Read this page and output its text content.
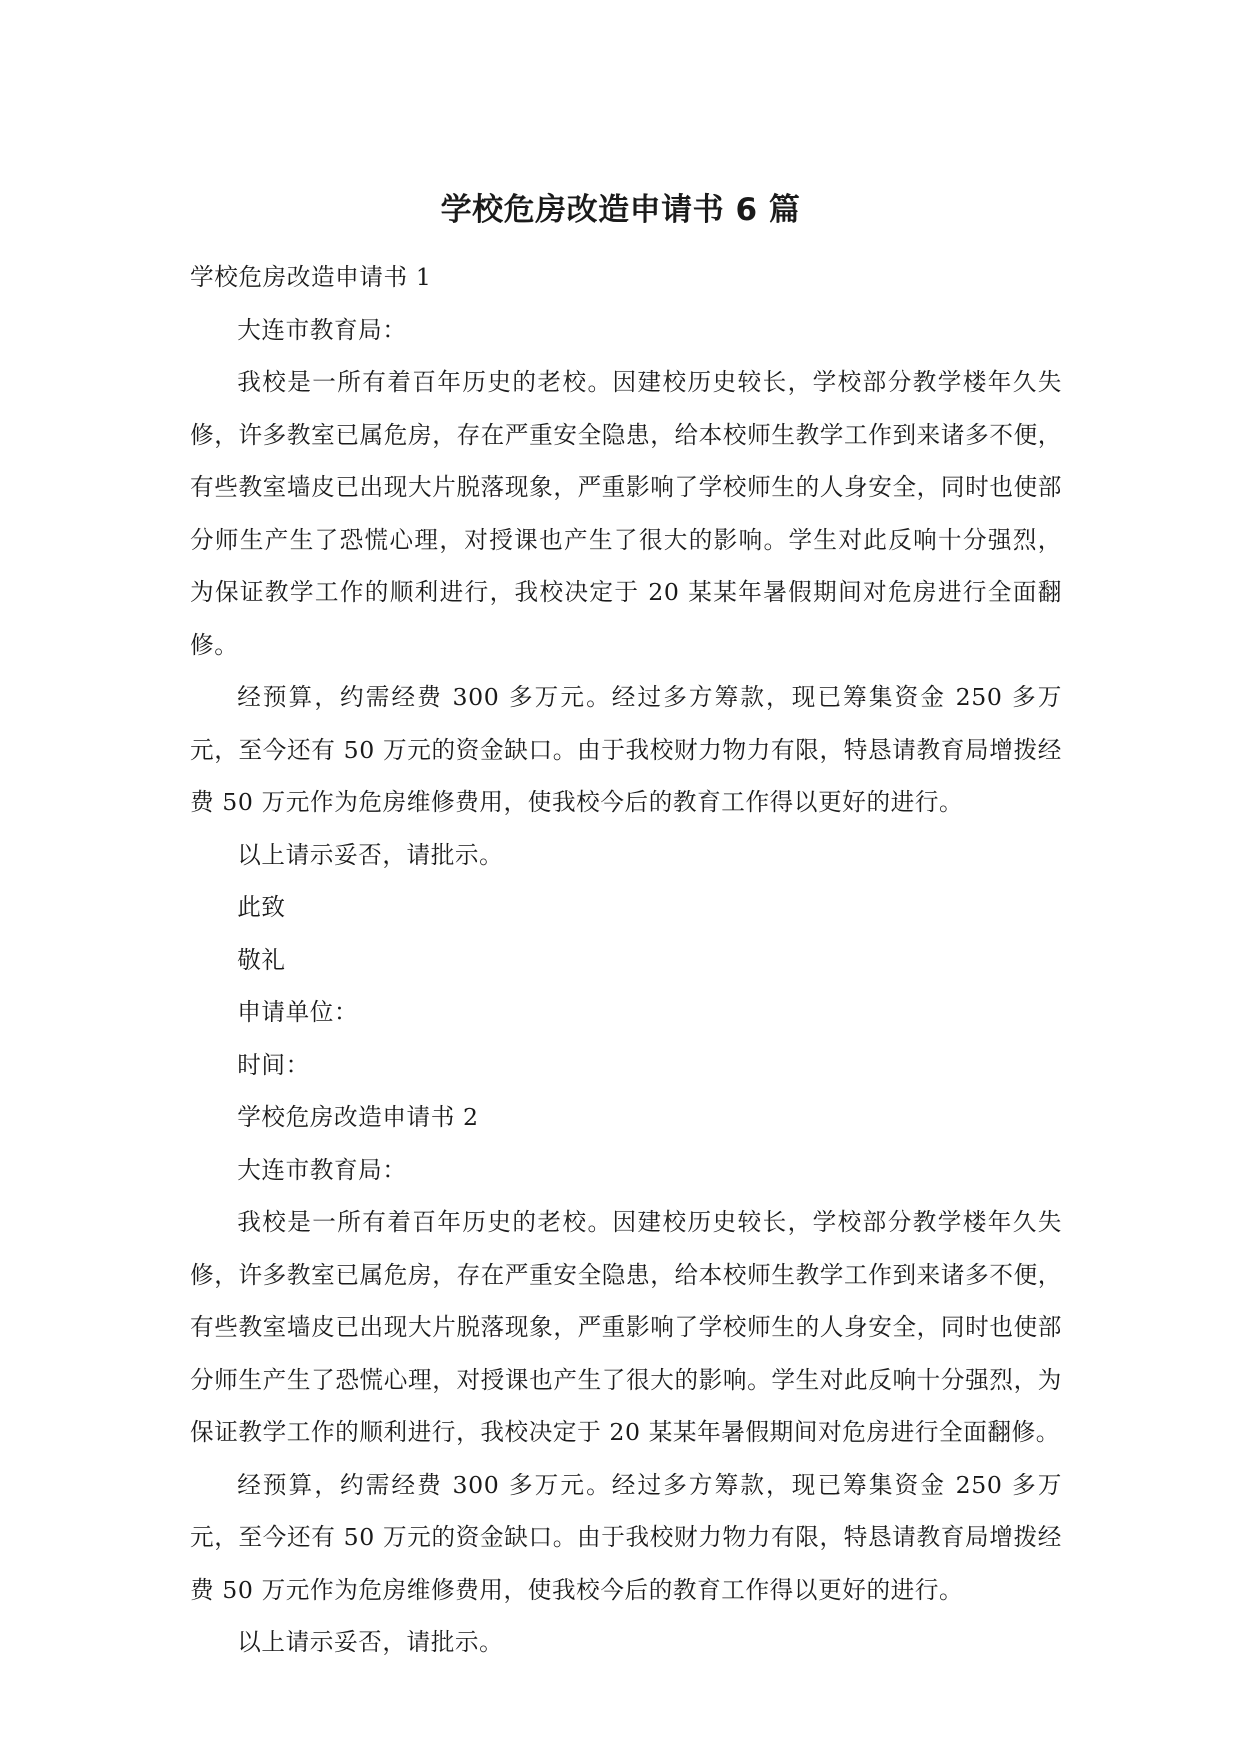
学校危房改造申请书 6 篇

学校危房改造申请书 1

大连市教育局：

我校是一所有着百年历史的老校。因建校历史较长，学校部分教学楼年久失修，许多教室已属危房，存在严重安全隐患，给本校师生教学工作到来诸多不便，有些教室墙皮已出现大片脱落现象，严重影响了学校师生的人身安全，同时也使部分师生产生了恐慌心理，对授课也产生了很大的影响。学生对此反响十分强烈， 为保证教学工作的顺利进行，我校决定于 20 某某年暑假期间对危房进行全面翻修。

经预算，约需经费 300 多万元。经过多方筹款，现已筹集资金 250 多万元，至今还有 50 万元的资金缺口。由于我校财力物力有限，特恳请教育局增拨经费 50 万元作为危房维修费用，使我校今后的教育工作得以更好的进行。

以上请示妥否，请批示。

此致

敬礼

申请单位：

时间：

学校危房改造申请书 2

大连市教育局：

我校是一所有着百年历史的老校。因建校历史较长，学校部分教学楼年久失修，许多教室已属危房，存在严重安全隐患，给本校师生教学工作到来诸多不便，有些教室墙皮已出现大片脱落现象，严重影响了学校师生的人身安全，同时也使部分师生产生了恐慌心理，对授课也产生了很大的影响。学生对此反响十分强烈，为保证教学工作的顺利进行，我校决定于 20 某某年暑假期间对危房进行全面翻修。

经预算，约需经费 300 多万元。经过多方筹款，现已筹集资金 250 多万元，至今还有 50 万元的资金缺口。由于我校财力物力有限，特恳请教育局增拨经费 50 万元作为危房维修费用，使我校今后的教育工作得以更好的进行。

以上请示妥否，请批示。
